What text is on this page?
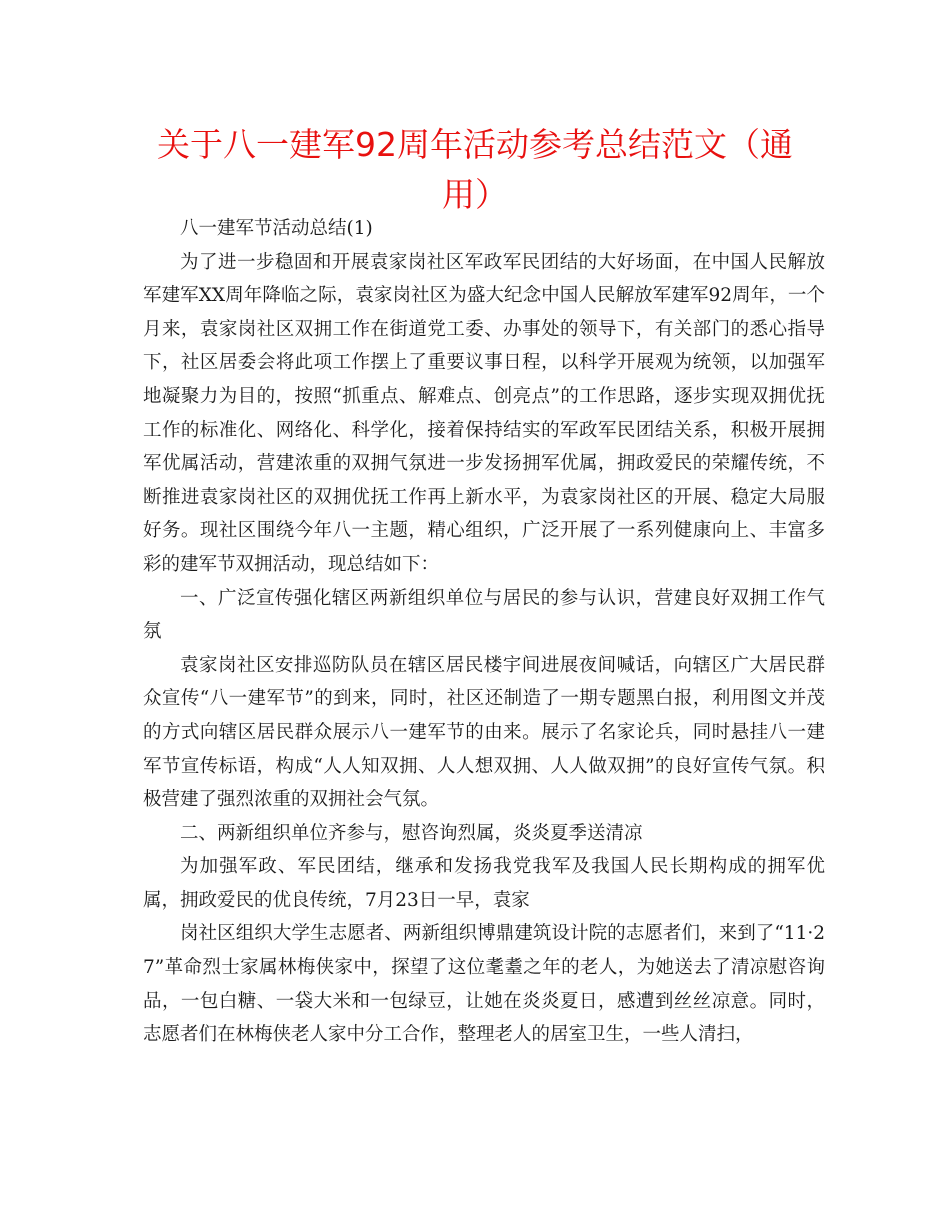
关于八一建军92周年活动参考总结范文（通用）

八一建军节活动总结(1)

为了进一步稳固和开展袁家岗社区军政军民团结的大好场面，在中国人民解放军建军XX周年降临之际，袁家岗社区为盛大纪念中国人民解放军建军92周年，一个月来，袁家岗社区双拥工作在街道党工委、办事处的领导下，有关部门的悉心指导下，社区居委会将此项工作摆上了重要议事日程，以科学开展观为统领，以加强军地凝聚力为目的，按照“抓重点、解难点、创亮点”的工作思路，逐步实现双拥优抚工作的标准化、网络化、科学化，接着保持结实的军政军民团结关系，积极开展拥军优属活动，营建浓重的双拥气氛进一步发扬拥军优属，拥政爱民的荣耀传统，不断推进袁家岗社区的双拥优抚工作再上新水平，为袁家岗社区的开展、稳定大局服好务。现社区围绕今年八一主题，精心组织，广泛开展了一系列健康向上、丰富多彩的建军节双拥活动，现总结如下：

一、广泛宣传强化辖区两新组织单位与居民的参与认识，营建良好双拥工作气氛

袁家岗社区安排巡防队员在辖区居民楼宇间进展夜间喊话，向辖区广大居民群众宣传“八一建军节”的到来，同时，社区还制造了一期专题黑白报，利用图文并茂的方式向辖区居民群众展示八一建军节的由来。展示了名家论兵，同时悬挂八一建军节宣传标语，构成“人人知双拥、人人想双拥、人人做双拥”的良好宣传气氛。积极营建了强烈浓重的双拥社会气氛。

二、两新组织单位齐参与，慰咨询烈属，炎炎夏季送清凉

为加强军政、军民团结，继承和发扬我党我军及我国人民长期构成的拥军优属，拥政爱民的优良传统，7月23日一早，袁家

岗社区组织大学生志愿者、两新组织博鼎建筑设计院的志愿者们，来到了“11·27”革命烈士家属林梅侠家中，探望了这位耄耋之年的老人，为她送去了清凉慰咨询品，一包白糖、一袋大米和一包绿豆，让她在炎炎夏日，感遭到丝丝凉意。同时，志愿者们在林梅侠老人家中分工合作，整理老人的居室卫生，一些人清扫，
